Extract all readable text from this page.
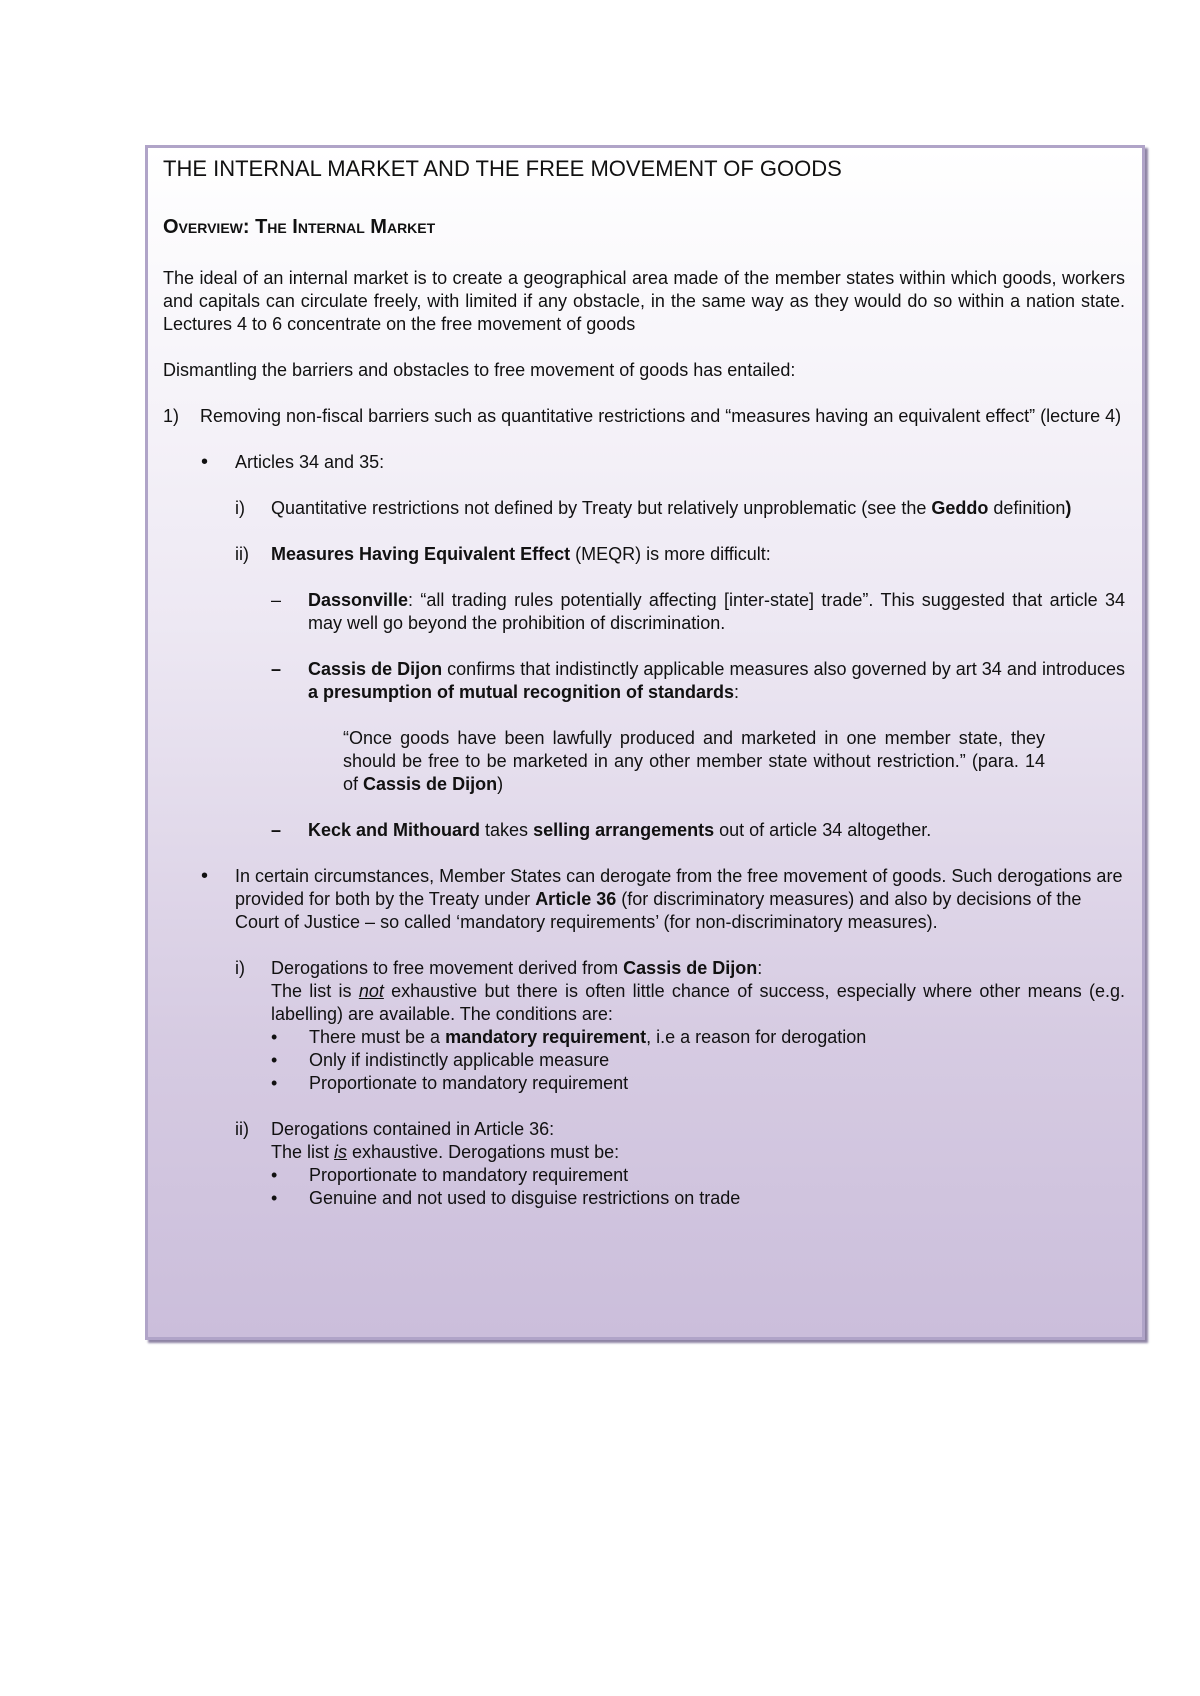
THE INTERNAL MARKET AND THE FREE MOVEMENT OF GOODS
Overview: The Internal Market

The ideal of an internal market is to create a geographical area made of the member states within which goods, workers and capitals can circulate freely, with limited if any obstacle, in the same way as they would do so within a nation state. Lectures 4 to 6 concentrate on the free movement of goods

Dismantling the barriers and obstacles to free movement of goods has entailed:

1)	Removing non-fiscal barriers such as quantitative restrictions and “measures having an equivalent effect” (lecture 4)

•	Articles 34 and 35:

i)	Quantitative restrictions not defined by Treaty but relatively unproblematic (see the Geddo definition)

ii)	Measures Having Equivalent Effect (MEQR) is more difficult:

–	Dassonville: “all trading rules potentially affecting [inter-state] trade”. This suggested that article 34 may well go beyond the prohibition of discrimination.

–	Cassis de Dijon confirms that indistinctly applicable measures also governed by art 34 and introduces a presumption of mutual recognition of standards:

“Once goods have been lawfully produced and marketed in one member state, they should be free to be marketed in any other member state without restriction.” (para. 14 of Cassis de Dijon)

–	Keck and Mithouard takes selling arrangements out of article 34 altogether.

•	In certain circumstances, Member States can derogate from the free movement of goods. Such derogations are provided for both by the Treaty under Article 36 (for discriminatory measures) and also by decisions of the Court of Justice – so called ‘mandatory requirements’ (for non-discriminatory measures).

i)	Derogations to free movement derived from Cassis de Dijon:

The list is not exhaustive but there is often little chance of success, especially where other means (e.g. labelling) are available. The conditions are:

•	There must be a mandatory requirement, i.e a reason for derogation
•	Only if indistinctly applicable measure
•	Proportionate to mandatory requirement
ii)	Derogations contained in Article 36:

The list is exhaustive. Derogations must be:

•	Proportionate to mandatory requirement
•	Genuine and not used to disguise restrictions on trade
